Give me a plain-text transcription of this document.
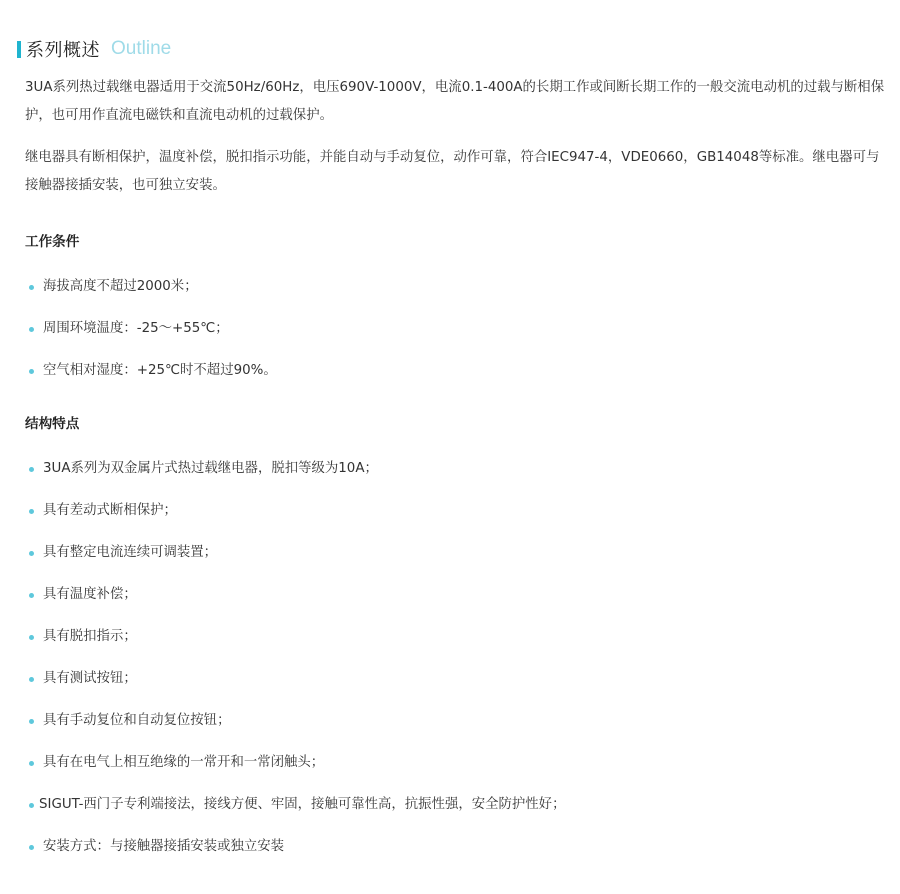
系列概述 Outline

3UA系列热过载继电器适用于交流50Hz/60Hz，电压690V-1000V，电流0.1-400A的长期工作或间断长期工作的一般交流电动机的过载与断相保护，也可用作直流电磁铁和直流电动机的过载保护。

继电器具有断相保护，温度补偿，脱扣指示功能，并能自动与手动复位，动作可靠，符合IEC947-4，VDE0660，GB14048等标准。继电器可与接触器接插安装，也可独立安装。

工作条件
海拔高度不超过2000米；
周围环境温度：-25～+55℃；
空气相对湿度：+25℃时不超过90%。
结构特点
3UA系列为双金属片式热过载继电器，脱扣等级为10A；
具有差动式断相保护；
具有整定电流连续可调装置；
具有温度补偿；
具有脱扣指示；
具有测试按钮；
具有手动复位和自动复位按钮；
具有在电气上相互绝缘的一常开和一常闭触头；
SIGUT-西门子专利端接法，接线方便、牢固，接触可靠性高，抗振性强，安全防护性好；
安装方式：与接触器接插安装或独立安装
